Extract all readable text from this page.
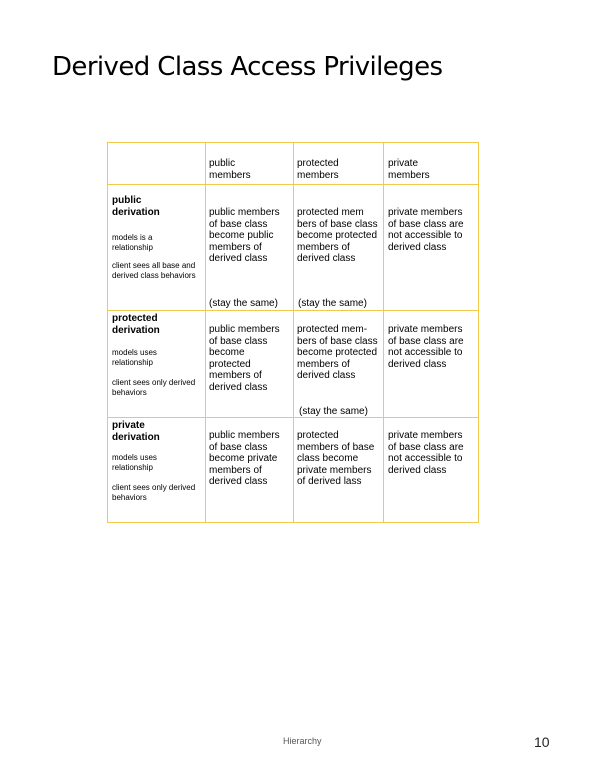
Derived Class Access Privileges
public
members
protected
members
private
members
public
derivation
models is a
relationship
client sees all base and
derived class behaviors
public members
of base class
become public
members of
derived class
protected mem
bers of base class
become protected
members of
derived class
private members
of base class are
not accessible to
derived class
(stay the same) (stay the same)
protected
derivation
models uses
relationship
client sees only derived
behaviors
public members
of base class
become
protected
members of
derived class
protected mem-
bers of base class
become protected
members of
derived class
private members
of base class are
not accessible to
derived class
(stay the same)
private
derivation
models uses
relationship
client sees only derived
behaviors
public members
of base class
become private
members of
derived class
protected
members of base
class become
private members
of derived lass
private members
of base class are
not accessible to
derived class
Hierarchy	10
